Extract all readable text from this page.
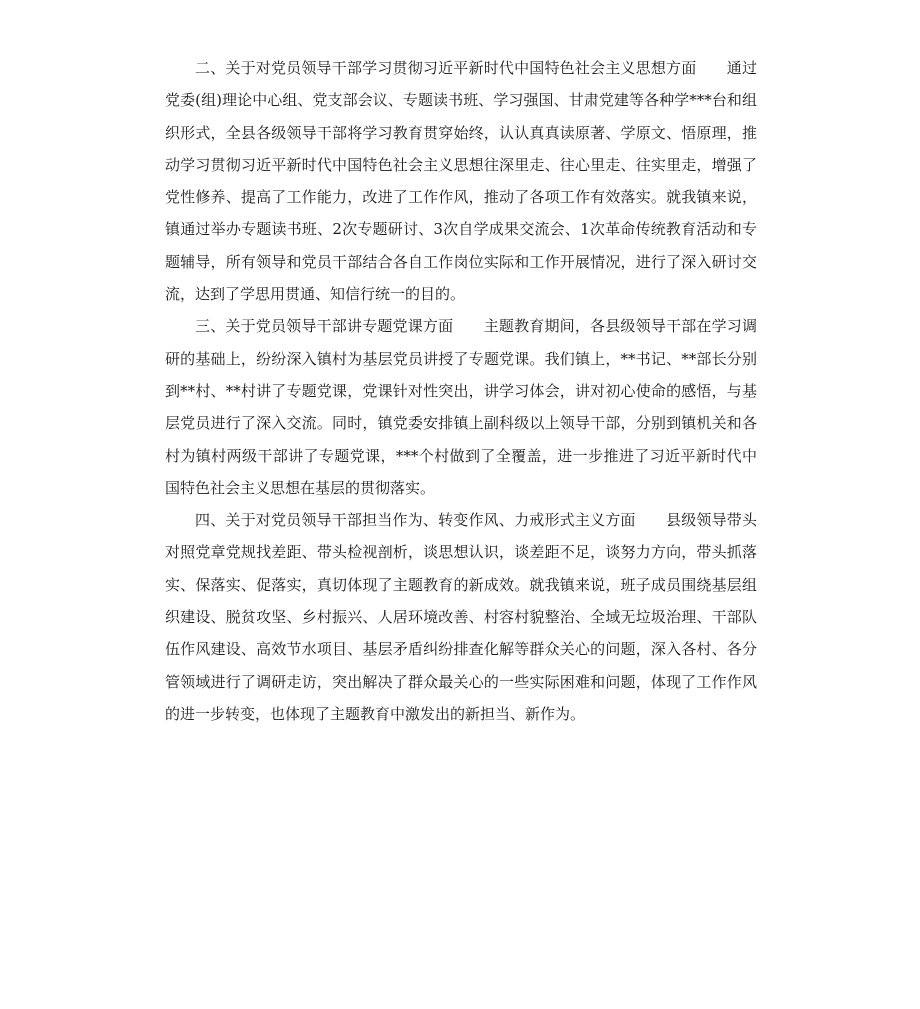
二、关于对党员领导干部学习贯彻习近平新时代中国特色社会主义思想方面　　通过党委(组)理论中心组、党支部会议、专题读书班、学习强国、甘肃党建等各种学***台和组织形式，全县各级领导干部将学习教育贯穿始终，认认真真读原著、学原文、悟原理，推动学习贯彻习近平新时代中国特色社会主义思想往深里走、往心里走、往实里走，增强了党性修养、提高了工作能力，改进了工作作风，推动了各项工作有效落实。就我镇来说，镇通过举办专题读书班、2次专题研讨、3次自学成果交流会、1次革命传统教育活动和专题辅导，所有领导和党员干部结合各自工作岗位实际和工作开展情况，进行了深入研讨交流，达到了学思用贯通、知信行统一的目的。

三、关于党员领导干部讲专题党课方面　　主题教育期间，各县级领导干部在学习调研的基础上，纷纷深入镇村为基层党员讲授了专题党课。我们镇上，**书记、**部长分别到**村、**村讲了专题党课，党课针对性突出，讲学习体会，讲对初心使命的感悟，与基层党员进行了深入交流。同时，镇党委安排镇上副科级以上领导干部，分别到镇机关和各村为镇村两级干部讲了专题党课，***个村做到了全覆盖，进一步推进了习近平新时代中国特色社会主义思想在基层的贯彻落实。

四、关于对党员领导干部担当作为、转变作风、力戒形式主义方面　　县级领导带头对照党章党规找差距、带头检视剖析，谈思想认识，谈差距不足，谈努力方向，带头抓落实、保落实、促落实，真切体现了主题教育的新成效。就我镇来说，班子成员围绕基层组织建设、脱贫攻坚、乡村振兴、人居环境改善、村容村貌整治、全域无垃圾治理、干部队伍作风建设、高效节水项目、基层矛盾纠纷排查化解等群众关心的问题，深入各村、各分管领域进行了调研走访，突出解决了群众最关心的一些实际困难和问题，体现了工作作风的进一步转变，也体现了主题教育中激发出的新担当、新作为。
